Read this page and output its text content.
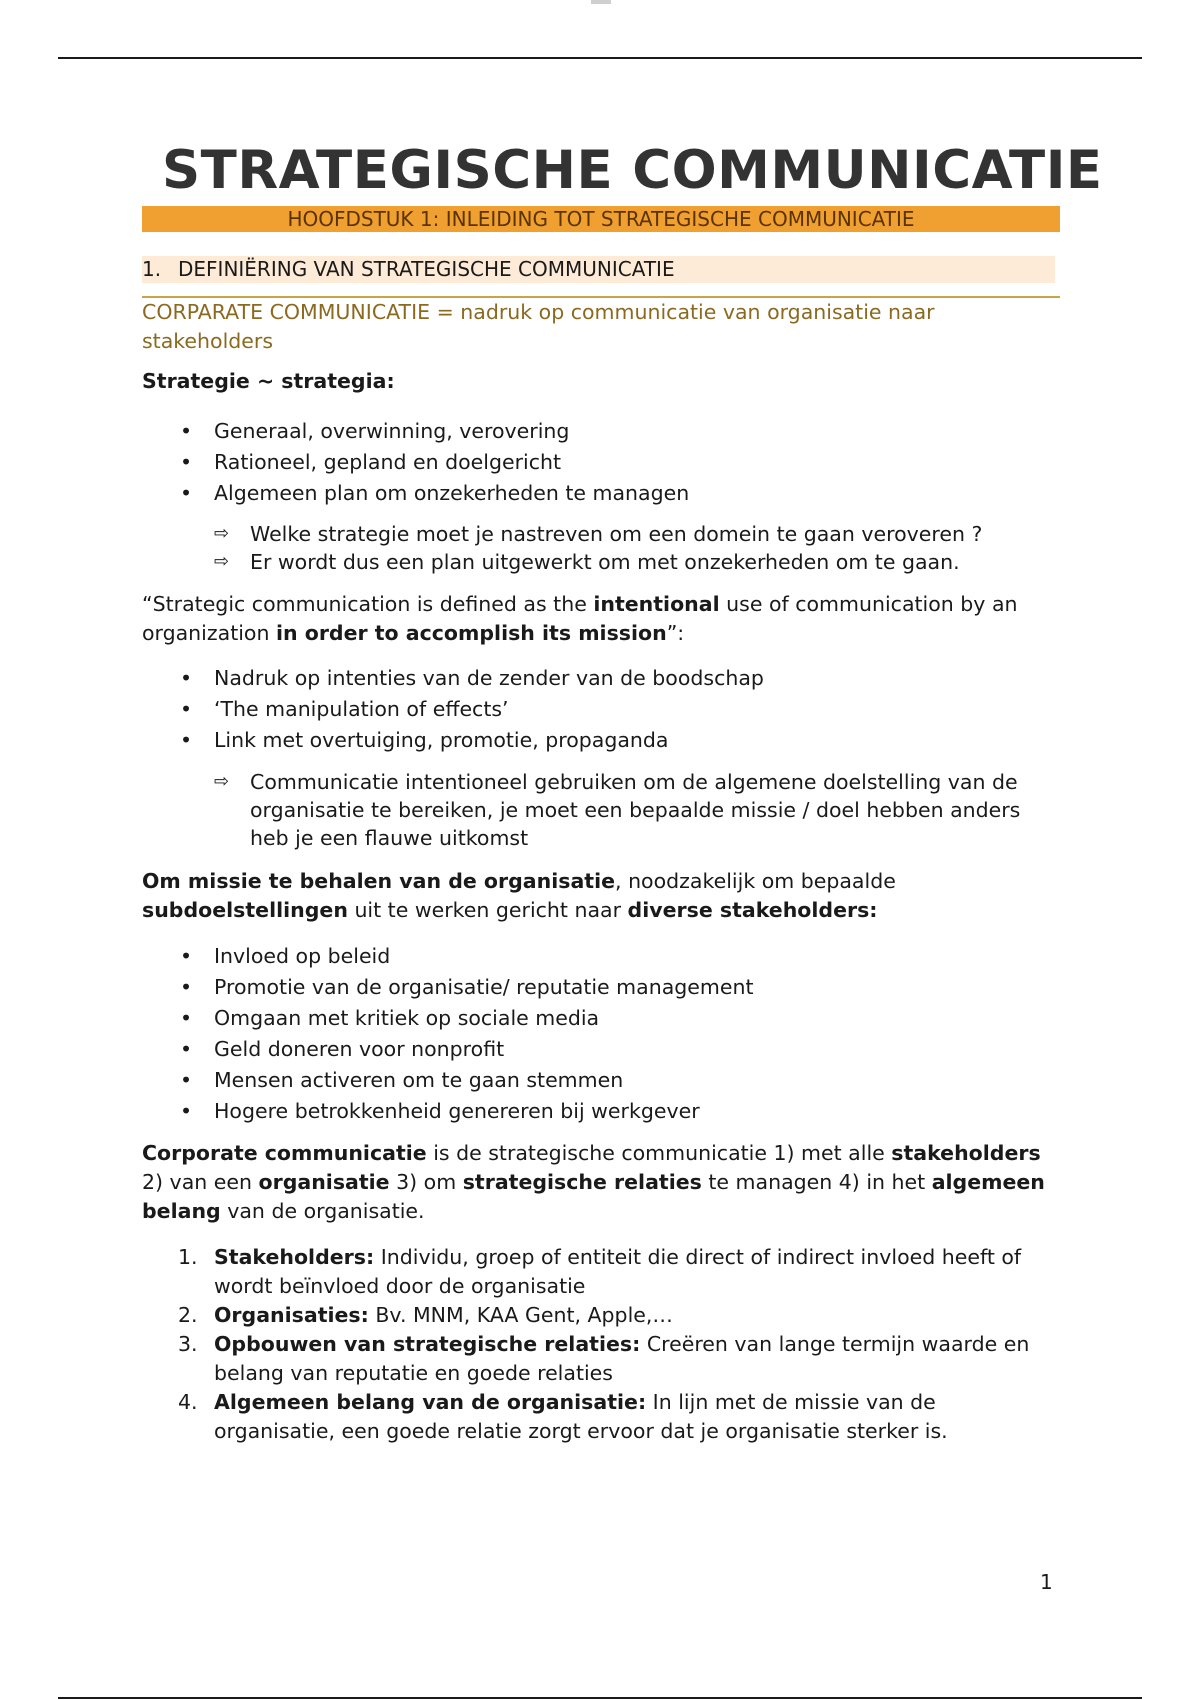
STRATEGISCHE COMMUNICATIE
HOOFDSTUK 1: INLEIDING TOT STRATEGISCHE COMMUNICATIE
1. DEFINIËRING VAN STRATEGISCHE COMMUNICATIE

CORPARATE COMMUNICATIE = nadruk op communicatie van organisatie naar stakeholders

Strategie ~ strategia:

• Generaal, overwinning, verovering
• Rationeel, gepland en doelgericht
• Algemeen plan om onzekerheden te managen
⇨ Welke strategie moet je nastreven om een domein te gaan veroveren ?
⇨ Er wordt dus een plan uitgewerkt om met onzekerheden om te gaan.

“Strategic communication is defined as the intentional use of communication by an organization in order to accomplish its mission”:

• Nadruk op intenties van de zender van de boodschap
• ‘The manipulation of effects’
• Link met overtuiging, promotie, propaganda
⇨ Communicatie intentioneel gebruiken om de algemene doelstelling van de organisatie te bereiken, je moet een bepaalde missie / doel hebben anders heb je een flauwe uitkomst

Om missie te behalen van de organisatie, noodzakelijk om bepaalde subdoelstellingen uit te werken gericht naar diverse stakeholders:

• Invloed op beleid
• Promotie van de organisatie/ reputatie management
• Omgaan met kritiek op sociale media
• Geld doneren voor nonprofit
• Mensen activeren om te gaan stemmen
• Hogere betrokkenheid genereren bij werkgever

Corporate communicatie is de strategische communicatie 1) met alle stakeholders 2) van een organisatie 3) om strategische relaties te managen 4) in het algemeen belang van de organisatie.

1. Stakeholders: Individu, groep of entiteit die direct of indirect invloed heeft of wordt beïnvloed door de organisatie
2. Organisaties: Bv. MNM, KAA Gent, Apple,…
3. Opbouwen van strategische relaties: Creëren van lange termijn waarde en belang van reputatie en goede relaties
4. Algemeen belang van de organisatie: In lijn met de missie van de organisatie, een goede relatie zorgt ervoor dat je organisatie sterker is.
1
